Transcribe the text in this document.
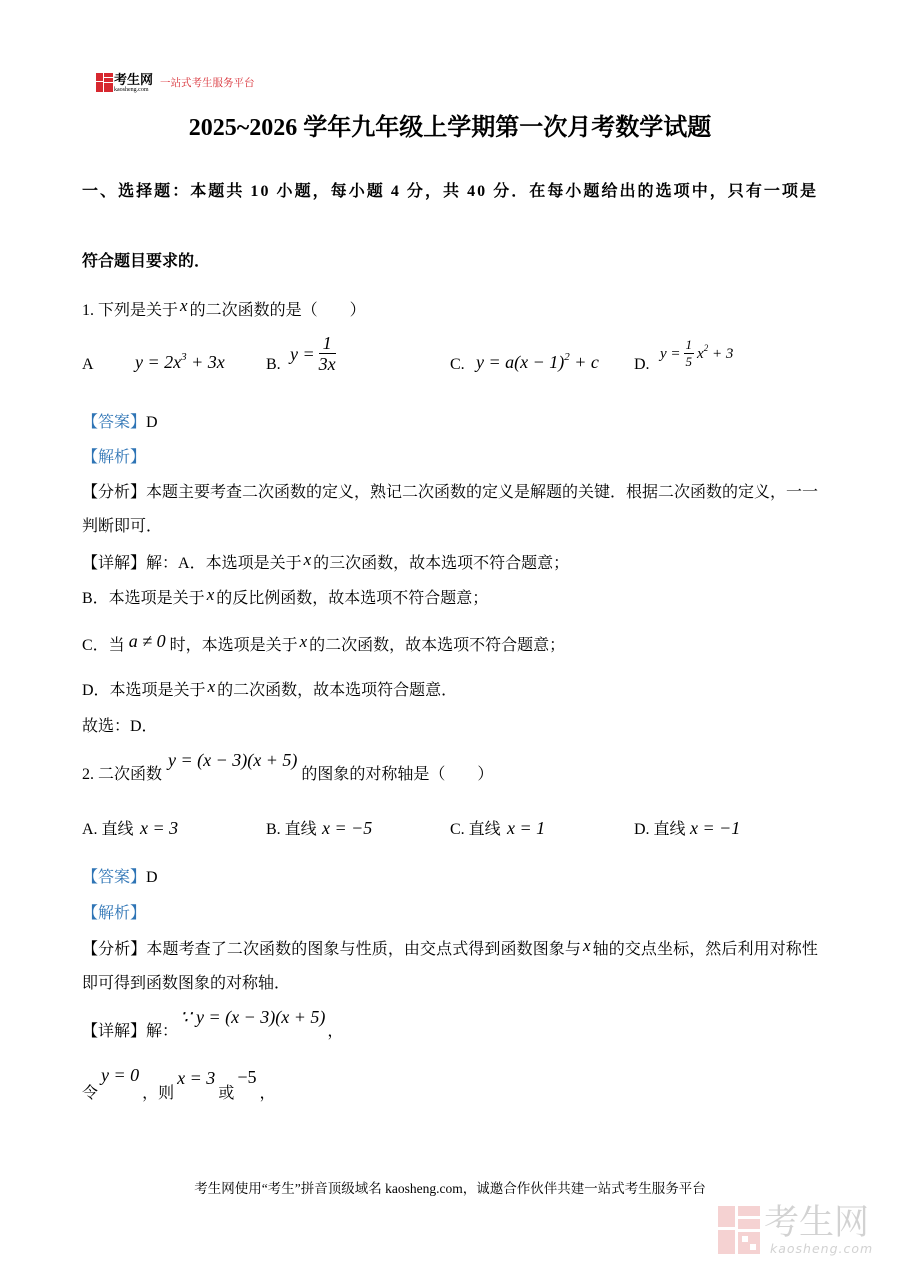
考生网
kaosheng.com
一站式考生服务平台
2025~2026 学年九年级上学期第一次月考数学试题
一、选择题：本题共 10 小题，每小题 4 分，共 40 分．在每小题给出的选项中，只有一项是
符合题目要求的．
1. 下列是关于 x 的二次函数的是（　　）
A $y = 2x^3 + 3x$	B.
$y = \frac{1}{3x}$	C. $y = a(x - 1)^2 + c$ D.
$y = \frac{1}{5} x^2 + 3$
【答案】D
【解析】
【分析】本题主要考查二次函数的定义，熟记二次函数的定义是解题的关键．根据二次函数的定义，一一
判断即可．
【详解】解：A．本选项是关于 x 的三次函数，故本选项不符合题意；
B．本选项是关于 x 的反比例函数，故本选项不符合题意；
C．当 a ≠ 0 时，本选项是关于 x 的二次函数，故本选项不符合题意；
D．本选项是关于 x 的二次函数，故本选项符合题意．
故选：D．
2. 二次函数y = (x − 3)(x + 5)的图象的对称轴是（　　）
A. 直线 x = 3	B. 直线 x = −5	C. 直线 x = 1	D. 直线 x = −1
【答案】D
【解析】
【分析】本题考查了二次函数的图象与性质，由交点式得到函数图象与 x 轴的交点坐标，然后利用对称性
即可得到函数图象的对称轴．
【详解】解：∵ y = (x − 3)(x + 5)，
令y = 0，则x = 3或−5，
考生网使用“考生”拼音顶级域名 kaosheng.com，诚邀合作伙伴共建一站式考生服务平台
考生网
kaosheng.com
